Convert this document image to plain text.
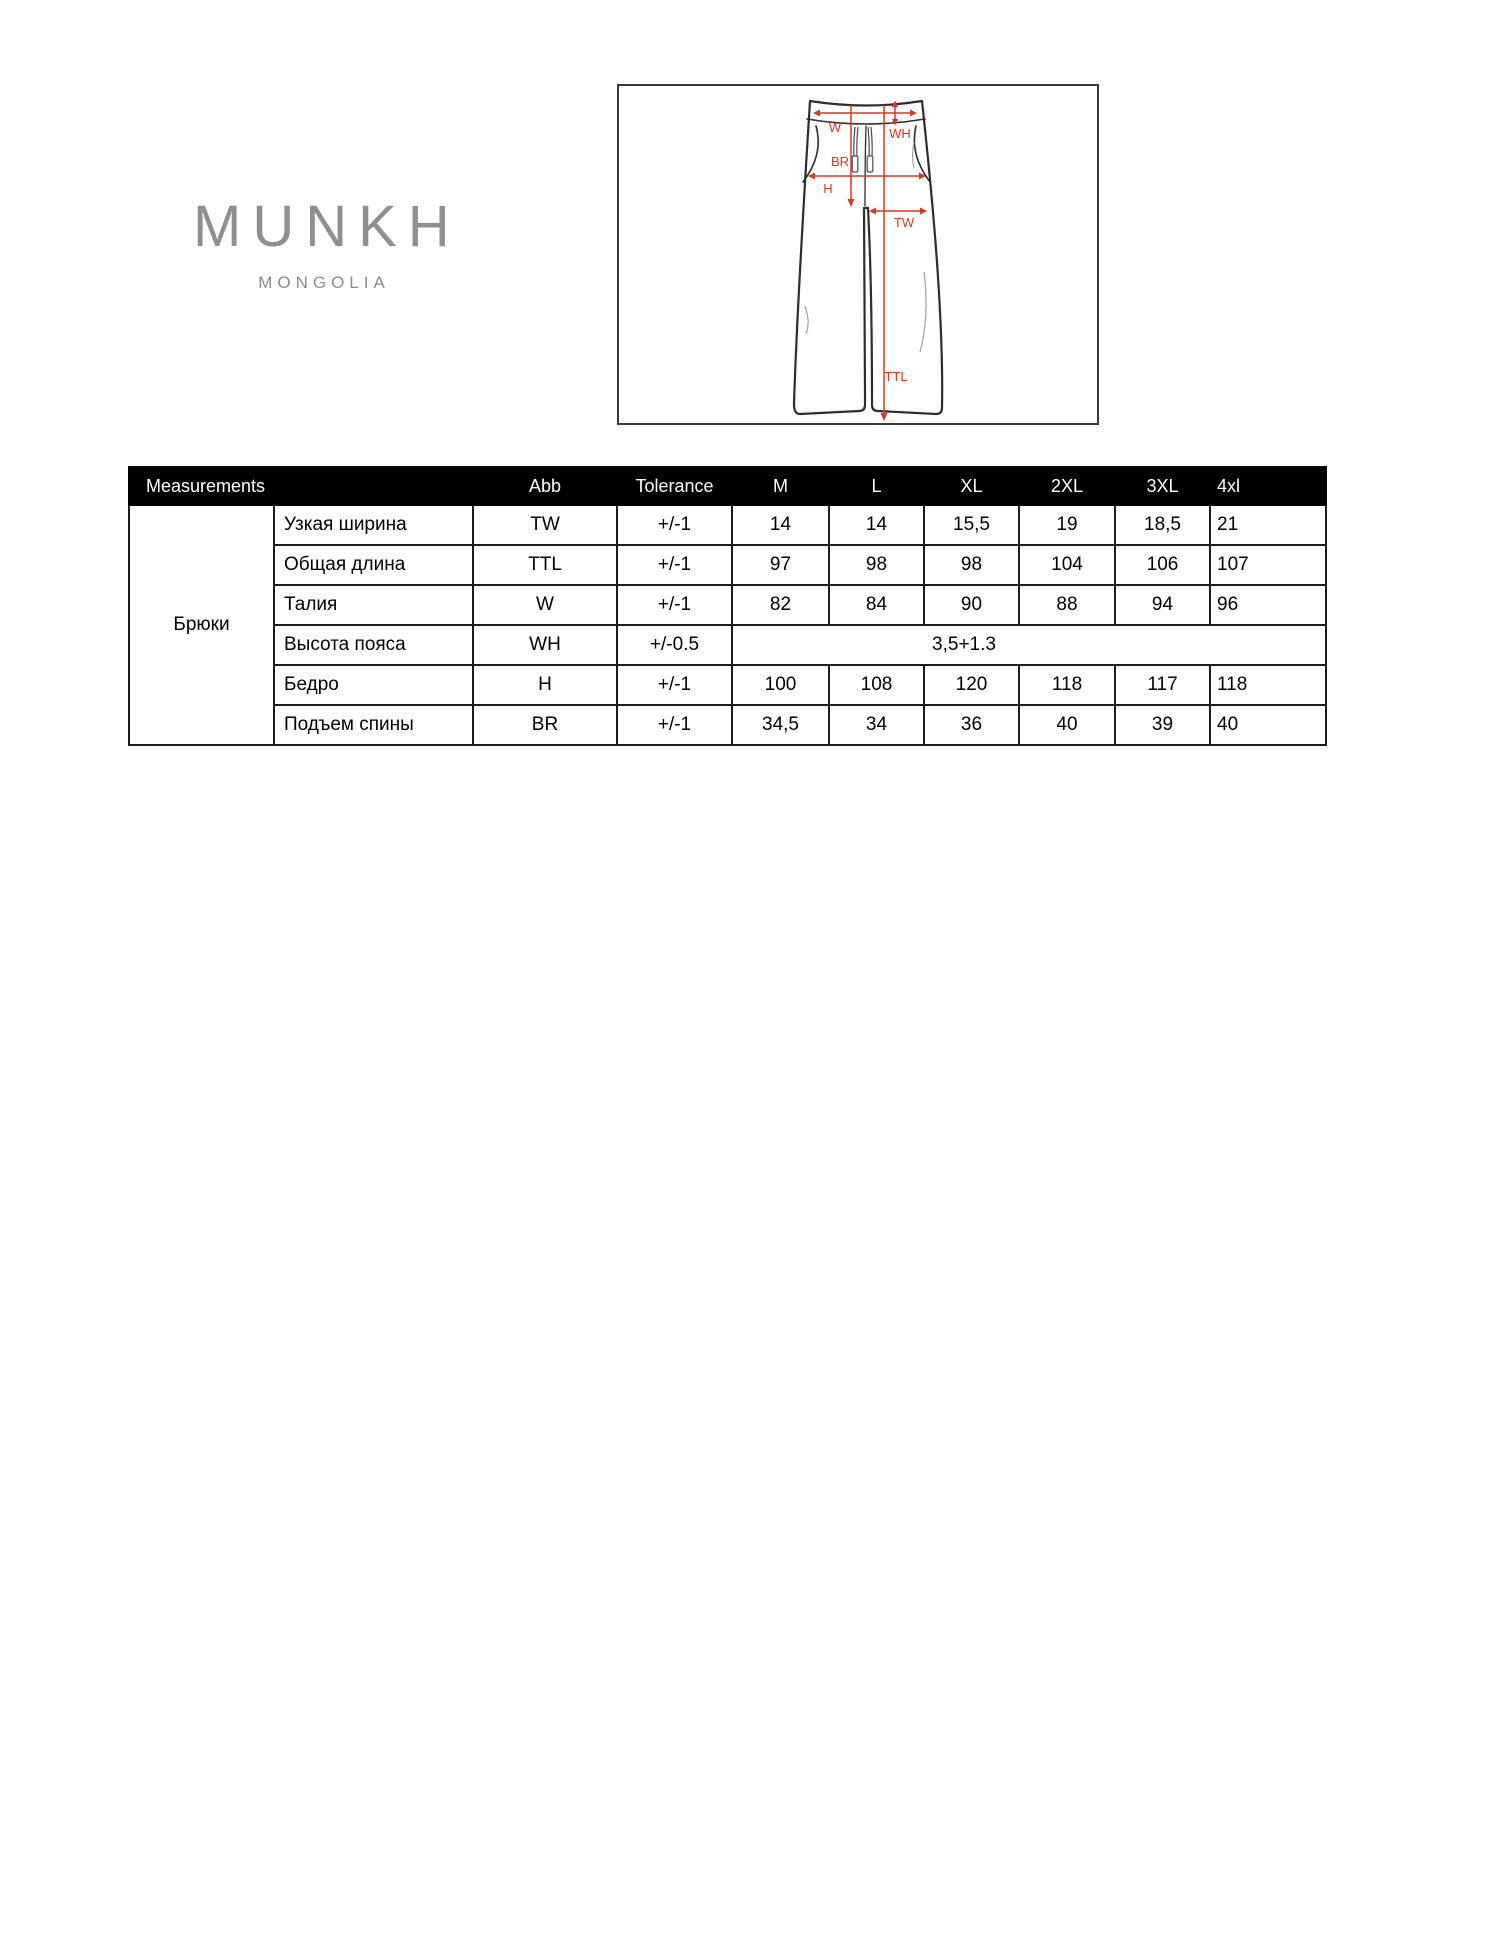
MUNKH
MONGOLIA
W	WH
BR
H
TW
TTL
Measurements		Abb	Tolerance	M	L	XL	2XL	3XL	4xl
Брюки	Узкая ширина	TW	+/-1	14	14	15,5	19	18,5	21
	Общая длина	TTL	+/-1	97	98	98	104	106	107
	Талия	W	+/-1	82	84	90	88	94	96
	Высота пояса	WH	+/-0.5	3,5+1.3					
	Бедро	H	+/-1	100	108	120	118	117	118
	Подъем спины	BR	+/-1	34,5	34	36	40	39	40
